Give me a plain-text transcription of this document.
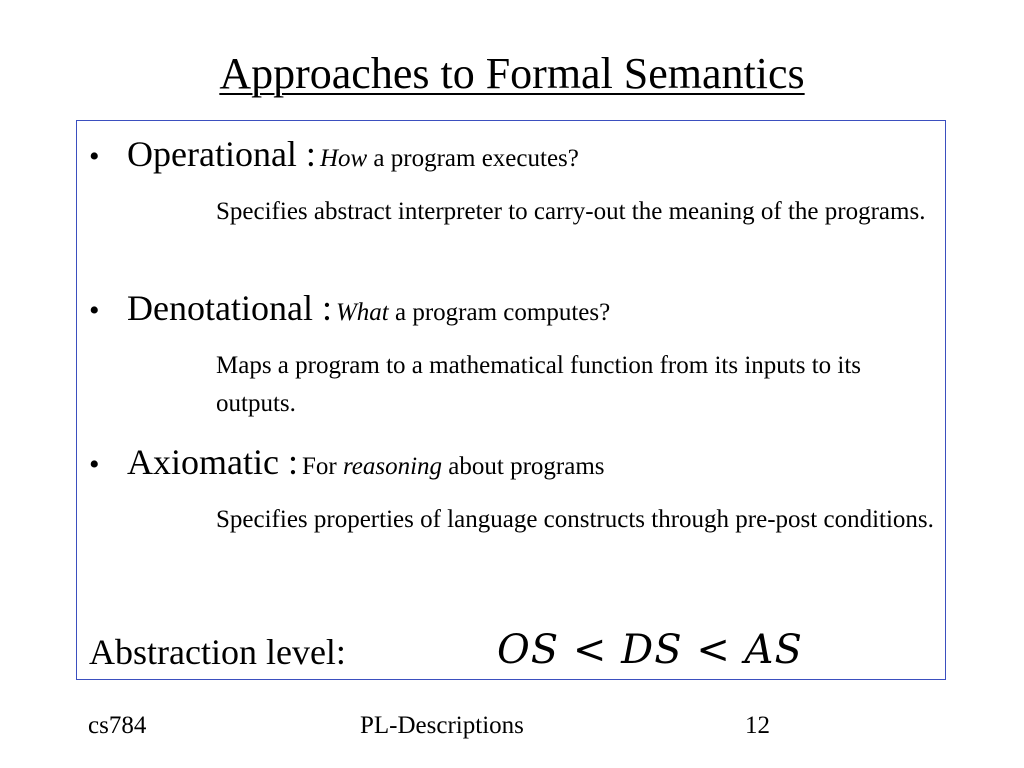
Approaches to Formal Semantics
• Operational : How a program executes?
Specifies abstract interpreter to carry-out the meaning of the programs.
• Denotational : What a program computes?
Maps a program to a mathematical function from its inputs to its outputs.
• Axiomatic : For reasoning about programs
Specifies properties of language constructs through pre-post conditions.
Abstraction level:	OS < DS < AS
cs784	PL-Descriptions	12
